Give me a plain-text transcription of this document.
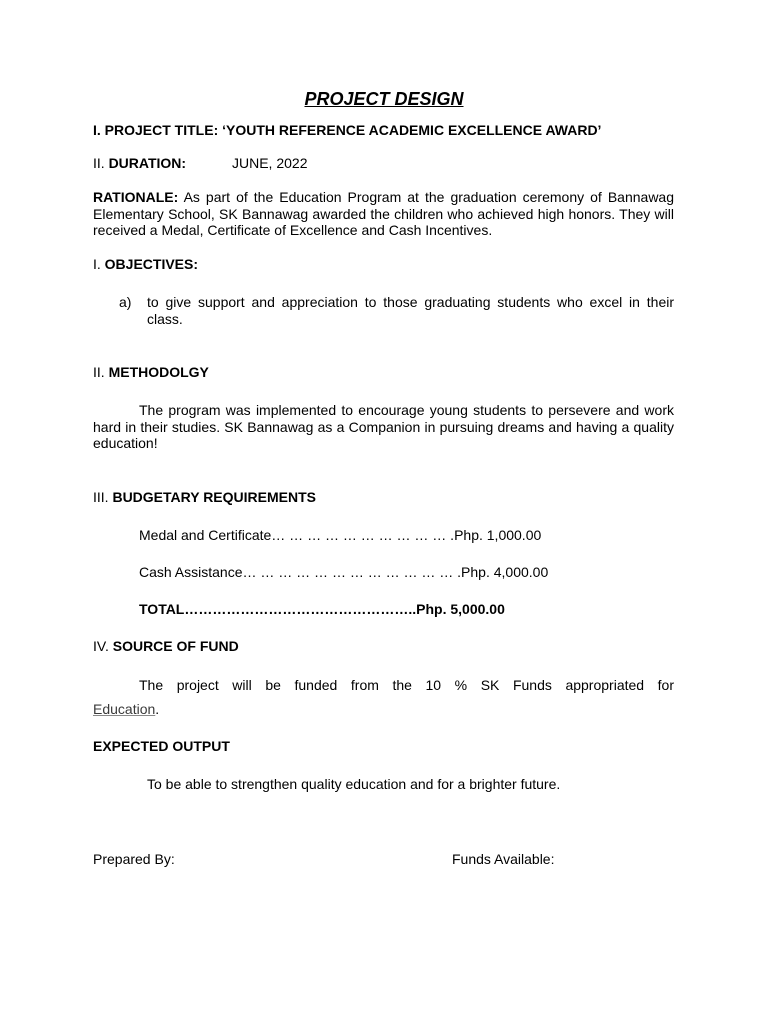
PROJECT DESIGN
I. PROJECT TITLE: ‘YOUTH REFERENCE ACADEMIC EXCELLENCE AWARD’
II. DURATION:	JUNE, 2022
RATIONALE: As part of the Education Program at the graduation ceremony of Bannawag Elementary School, SK Bannawag awarded the children who achieved high honors. They will received a Medal, Certificate of Excellence and Cash Incentives.
I. OBJECTIVES:
a) to give support and appreciation to those graduating students who excel in their class.
II. METHODOLGY
The program was implemented to encourage young students to persevere and work hard in their studies. SK Bannawag as a Companion in pursuing dreams and having a quality education!
III. BUDGETARY REQUIREMENTS
Medal and Certificate… … … … … … … … … … .Php. 1,000.00
Cash Assistance… … … … … … … … … … … … .Php. 4,000.00
TOTAL…………………………………………..Php. 5,000.00
IV. SOURCE OF FUND
The project will be funded from the 10 % SK Funds appropriated for
Education.
EXPECTED OUTPUT
To be able to strengthen quality education and for a brighter future.
Prepared By:	Funds Available:
